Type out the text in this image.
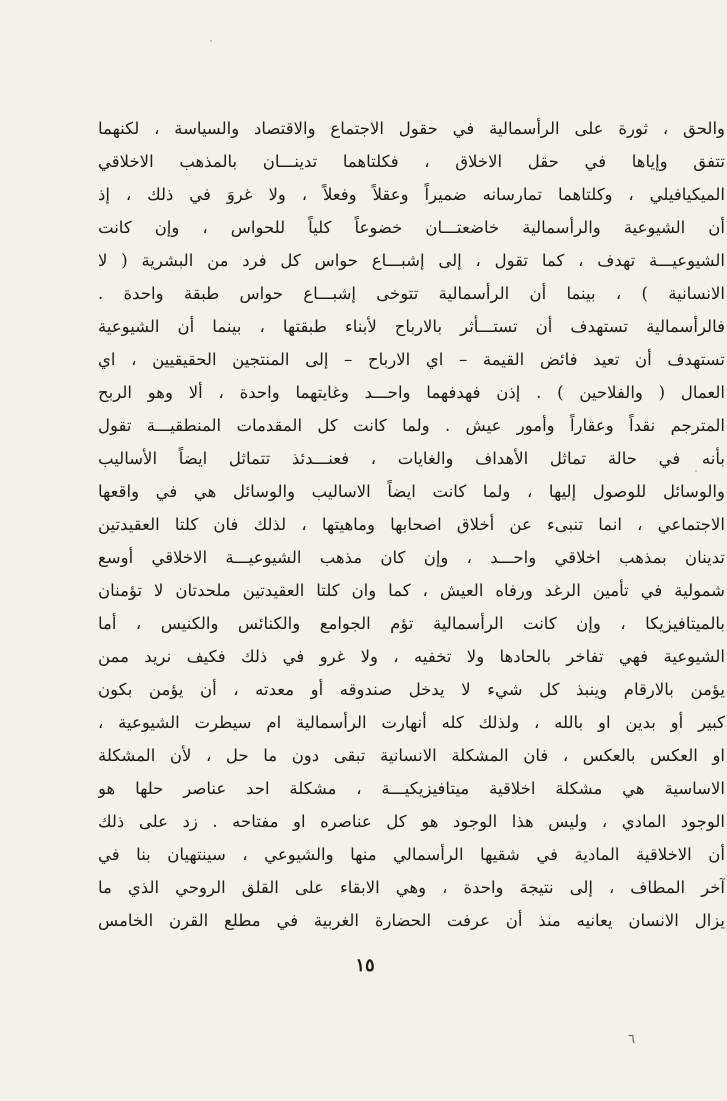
والحق ، ثورة على الرأسمالية في حقول الاجتماع والاقتصاد والسياسة ، لكنهما
تتفق وإياها في حقل الاخلاق ، فكلتاهما تدينـــان بالمذهب الاخلاقي
الميكيافيلي ، وكلتاهما تمارسانه ضميراً وعقلاً وفعلاً ، ولا غروَ في ذلك ، إذ
أن الشيوعية والرأسمالية خاضعتـــان خضوعاً كلياً للحواس ، وإن كانت
الشيوعيـــة تهدف ، كما تقول ، إلى إشبـــاع حواس كل فرد من البشرية ( لا
الانسانية ) ، بينما أن الرأسمالية تتوخى إشبـــاع حواس طبقة واحدة .
فالرأسمالية تستهدف أن تستـــأثر بالارباح لأبناء طبقتها ، بينما أن الشيوعية
تستهدف أن تعيد فائض القيمة – اي الارباح – إلى المنتجين الحقيقيين ، اي
العمال ( والفلاحين ) . إذن فهدفهما واحـــد وغايتهما واحدة ، ألا وهو الربح
المترجم نقداً وعقاراً وأمور عيش . ولما كانت كل المقدمات المنطقيـــة تقول
بأنه في حالة تماثل الأهداف والغايات ، فعنـــدئذ تتماثل ايضاً الأساليب
والوسائل للوصول إليها ، ولما كانت ايضاً الاساليب والوسائل هي في واقعها
الاجتماعي ، انما تنبىء عن أخلاق اصحابها وماهيتها ، لذلك فان كلتا العقيدتين
تدينان بمذهب اخلاقي واحـــد ، وإن كان مذهب الشيوعيـــة الاخلاقي أوسع
شمولية في تأمين الرغد ورفاه العيش ، كما وان كلتا العقيدتين ملحدتان لا تؤمنان
بالميتافيزيكا ، وإن كانت الرأسمالية تؤم الجوامع والكنائس والكنيس ، أما
الشيوعية فهي تفاخر بالحادها ولا تخفيه ، ولا غرو في ذلك فكيف نريد ممن
يؤمن بالارقام وينبذ كل شيء لا يدخل صندوقه أو معدته ، أن يؤمن بكون
كبير أو بدين او بالله ، ولذلك كله أنهارت الرأسمالية ام سيطرت الشيوعية ،
او العكس بالعكس ، فان المشكلة الانسانية تبقى دون ما حل ، لأن المشكلة
الاساسية هي مشكلة اخلاقية ميتافيزيكيـــة ، مشكلة احد عناصر حلها هو
الوجود المادي ، وليس هذا الوجود هو كل عناصره او مفتاحه . زد على ذلك
أن الاخلاقية المادية في شقيها الرأسمالي منها والشيوعي ، سينتهيان بنا في
آخر المطاف ، إلى نتيجة واحدة ، وهي الابقاء على القلق الروحي الذي ما
يزال الانسان يعانيه منذ أن عرفت الحضارة الغربية في مطلع القرن الخامس
١٥
٦
